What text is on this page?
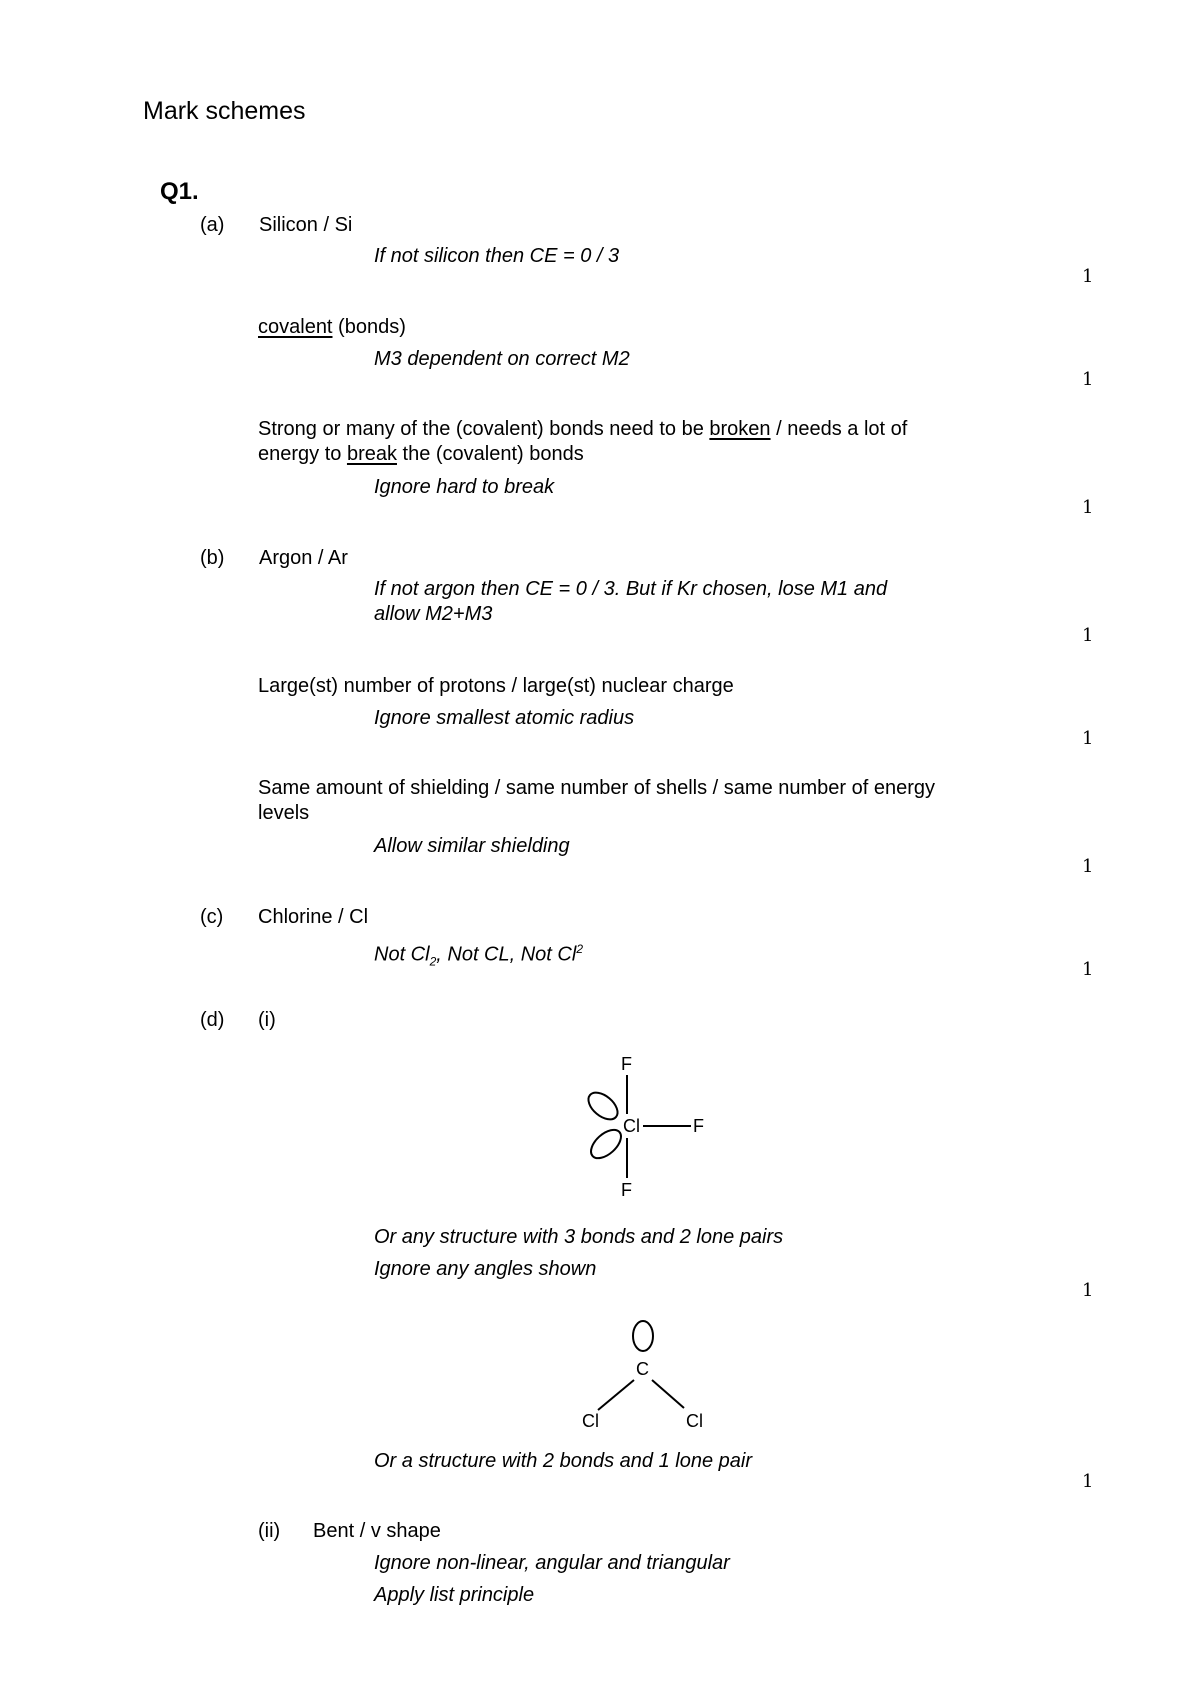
Mark schemes
Q1.
(a) Silicon / Si
If not silicon then CE = 0 / 3
1
covalent (bonds)
M3 dependent on correct M2
1
Strong or many of the (covalent) bonds need to be broken / needs a lot of
energy to break the (covalent) bonds
Ignore hard to break
1
(b) Argon / Ar
If not argon then CE = 0 / 3. But if Kr chosen, lose M1 and
allow M2+M3
1
Large(st) number of protons / large(st) nuclear charge
Ignore smallest atomic radius
1
Same amount of shielding / same number of shells / same number of energy
levels
Allow similar shielding
1
(c) Chlorine / Cl
Not $Cl_2$, Not CL, Not Cl$^2$
1
(d) (i)
F
Cl	F
F
Or any structure with 3 bonds and 2 lone pairs
Ignore any angles shown
1
C
Cl	Cl
Or a structure with 2 bonds and 1 lone pair
1
(ii) Bent / v shape
Ignore non-linear, angular and triangular
Apply list principle
